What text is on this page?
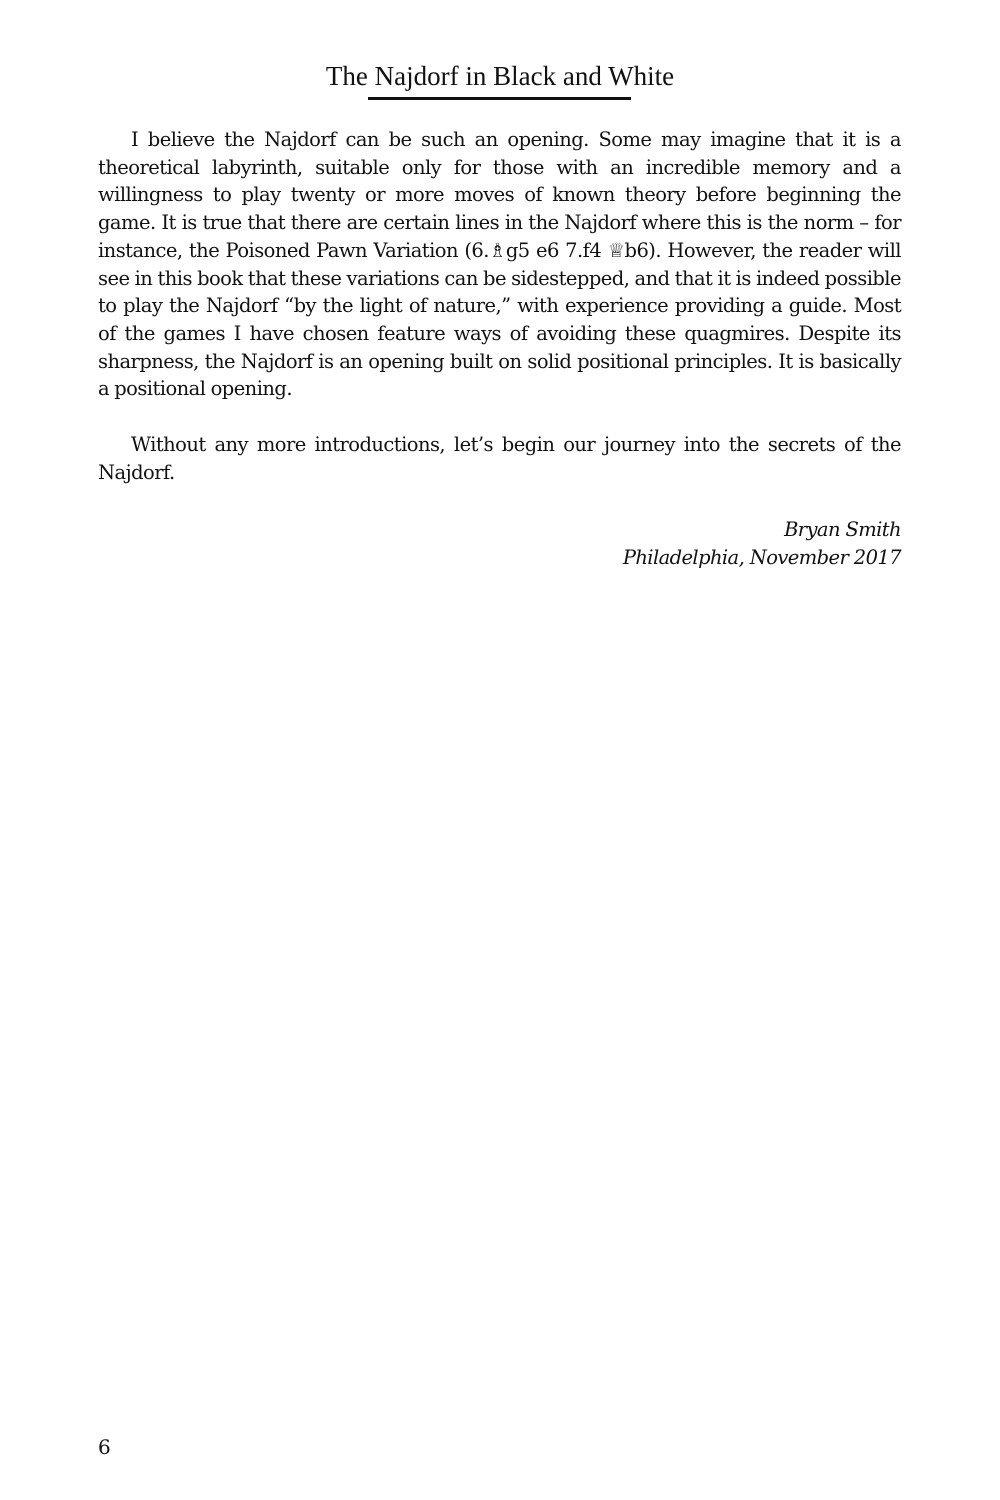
The Najdorf in Black and White

I believe the Najdorf can be such an opening. Some may imagine that it is a theoretical labyrinth, suitable only for those with an incredible memory and a willingness to play twenty or more moves of known theory before beginning the game. It is true that there are certain lines in the Najdorf where this is the norm – for instance, the Poisoned Pawn Variation (6.♗g5 e6 7.f4 ♕b6). However, the reader will see in this book that these variations can be sidestepped, and that it is indeed possible to play the Najdorf “by the light of nature,” with experience providing a guide. Most of the games I have chosen feature ways of avoiding these quagmires. Despite its sharpness, the Najdorf is an opening built on solid positional principles. It is basically a positional opening.

Without any more introductions, let’s begin our journey into the secrets of the Najdorf.

Bryan Smith
Philadelphia, November 2017
6
